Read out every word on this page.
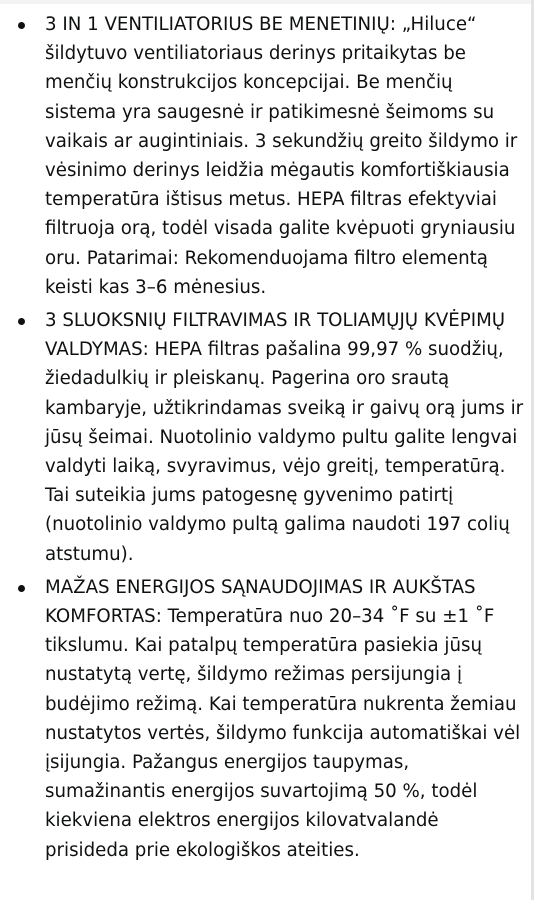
3 IN 1 VENTILIATORIUS BE MENETINIŲ: „Hiluce“ šildytuvo ventiliatoriaus derinys pritaikytas be menčių konstrukcijos koncepcijai. Be menčių sistema yra saugesnė ir patikimesnė šeimoms su vaikais ar augintiniais. 3 sekundžių greito šildymo ir vėsinimo derinys leidžia mėgautis komfortiškiausia temperatūra ištisus metus. HEPA filtras efektyviai filtruoja orą, todėl visada galite kvėpuoti gryniausiu oru. Patarimai: Rekomenduojama filtro elementą keisti kas 3–6 mėnesius.
3 SLUOKSNIŲ FILTRAVIMAS IR TOLIAMŲJŲ KVĖPIMŲ VALDYMAS: HEPA filtras pašalina 99,97 % suodžių, žiedadulkių ir pleiskanų. Pagerina oro srautą kambaryje, užtikrindamas sveiką ir gaivų orą jums ir jūsų šeimai. Nuotolinio valdymo pultu galite lengvai valdyti laiką, svyravimus, vėjo greitį, temperatūrą. Tai suteikia jums patogesnę gyvenimo patirtį (nuotolinio valdymo pultą galima naudoti 197 colių atstumu).
MAŽAS ENERGIJOS SĄNAUDOJIMAS IR AUKŠTAS KOMFORTAS: Temperatūra nuo 20–34 ˚F su ±1 ˚F tikslumu. Kai patalpų temperatūra pasiekia jūsų nustatytą vertę, šildymo režimas persijungia į budėjimo režimą. Kai temperatūra nukrenta žemiau nustatytos vertės, šildymo funkcija automatiškai vėl įsijungia. Pažangus energijos taupymas, sumažinantis energijos suvartojimą 50 %, todėl kiekviena elektros energijos kilovatvalandė prisideda prie ekologiškos ateities.
